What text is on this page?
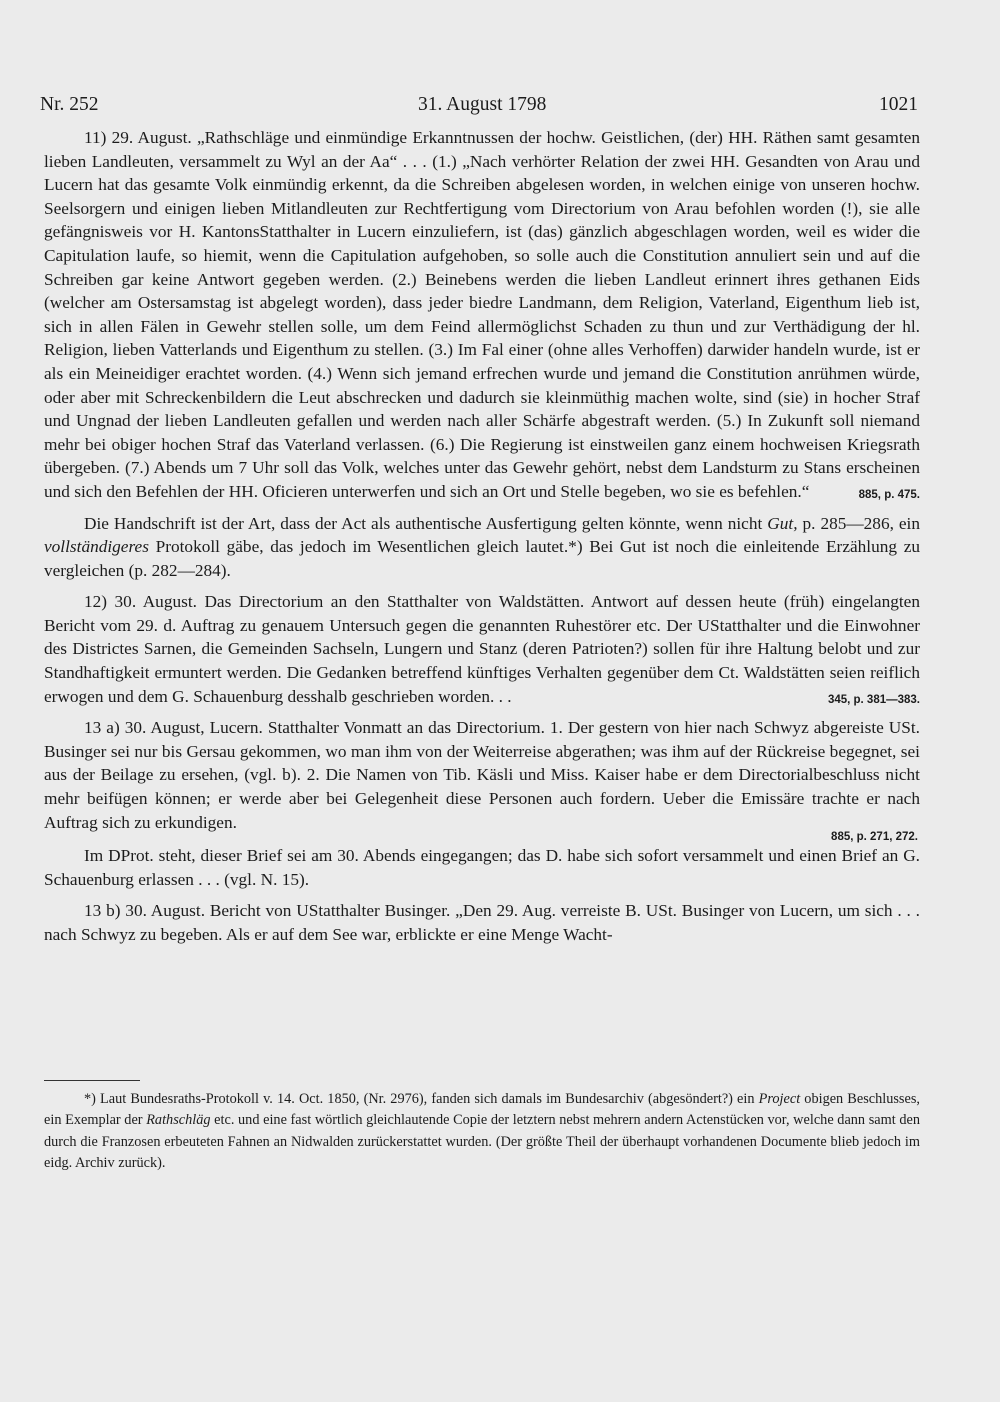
Nr. 252	31. August 1798	1021

11) 29. August. „Rathschläge und einmündige Erkanntnussen der hochw. Geistlichen, (der) HH. Räthen samt gesamten lieben Landleuten, versammelt zu Wyl an der Aa“ . . . (1.) „Nach verhörter Relation der zwei HH. Gesandten von Arau und Lucern hat das gesamte Volk einmündig erkennt, da die Schreiben abgelesen worden, in welchen einige von unseren hochw. Seelsorgern und einigen lieben Mitlandleuten zur Rechtfertigung vom Directorium von Arau befohlen worden (!), sie alle gefängnisweis vor H. KantonsStatthalter in Lucern einzuliefern, ist (das) gänzlich abgeschlagen worden, weil es wider die Capitulation laufe, so hiemit, wenn die Capitulation aufgehoben, so solle auch die Constitution annuliert sein und auf die Schreiben gar keine Antwort gegeben werden. (2.) Beinebens werden die lieben Landleut erinnert ihres gethanen Eids (welcher am Ostersamstag ist abgelegt worden), dass jeder biedre Landmann, dem Religion, Vaterland, Eigenthum lieb ist, sich in allen Fälen in Gewehr stellen solle, um dem Feind allermöglichst Schaden zu thun und zur Verthädigung der hl. Religion, lieben Vatterlands und Eigenthum zu stellen. (3.) Im Fal einer (ohne alles Verhoffen) darwider handeln wurde, ist er als ein Meineidiger erachtet worden. (4.) Wenn sich jemand erfrechen wurde und jemand die Constitution anrühmen würde, oder aber mit Schreckenbildern die Leut abschrecken und dadurch sie kleinmüthig machen wolte, sind (sie) in hocher Straf und Ungnad der lieben Landleuten gefallen und werden nach aller Schärfe abgestraft werden. (5.) In Zukunft soll niemand mehr bei obiger hochen Straf das Vaterland verlassen. (6.) Die Regierung ist einstweilen ganz einem hochweisen Kriegsrath übergeben. (7.) Abends um 7 Uhr soll das Volk, welches unter das Gewehr gehört, nebst dem Landsturm zu Stans erscheinen und sich den Befehlen der HH. Oficieren unterwerfen und sich an Ort und Stelle begeben, wo sie es befehlen.“	885, p. 475.

Die Handschrift ist der Art, dass der Act als authentische Ausfertigung gelten könnte, wenn nicht Gut, p. 285—286, ein vollständigeres Protokoll gäbe, das jedoch im Wesentlichen gleich lautet.*) Bei Gut ist noch die einleitende Erzählung zu vergleichen (p. 282—284).

12) 30. August. Das Directorium an den Statthalter von Waldstätten. Antwort auf dessen heute (früh) eingelangten Bericht vom 29. d. Auftrag zu genauem Untersuch gegen die genannten Ruhestörer etc. Der UStatthalter und die Einwohner des Districtes Sarnen, die Gemeinden Sachseln, Lungern und Stanz (deren Patrioten?) sollen für ihre Haltung belobt und zur Standhaftigkeit ermuntert werden. Die Gedanken betreffend künftiges Verhalten gegenüber dem Ct. Waldstätten seien reiflich erwogen und dem G. Schauenburg desshalb geschrieben worden. . .	345, p. 381—383.

13 a) 30. August, Lucern. Statthalter Vonmatt an das Directorium. 1. Der gestern von hier nach Schwyz abgereiste USt. Businger sei nur bis Gersau gekommen, wo man ihm von der Weiterreise abgerathen; was ihm auf der Rückreise begegnet, sei aus der Beilage zu ersehen, (vgl. b). 2. Die Namen von Tib. Käsli und Miss. Kaiser habe er dem Directorialbeschluss nicht mehr beifügen können; er werde aber bei Gelegenheit diese Personen auch fordern. Ueber die Emissäre trachte er nach Auftrag sich zu erkundigen.

885, p. 271, 272.

Im DProt. steht, dieser Brief sei am 30. Abends eingegangen; das D. habe sich sofort versammelt und einen Brief an G. Schauenburg erlassen . . . (vgl. N. 15).

13 b) 30. August. Bericht von UStatthalter Businger. „Den 29. Aug. verreiste B. USt. Businger von Lucern, um sich . . . nach Schwyz zu begeben. Als er auf dem See war, erblickte er eine Menge Wacht-

*) Laut Bundesraths-Protokoll v. 14. Oct. 1850, (Nr. 2976), fanden sich damals im Bundesarchiv (abgesöndert?) ein Project obigen Beschlusses, ein Exemplar der Rathschläg etc. und eine fast wörtlich gleichlautende Copie der letztern nebst mehrern andern Actenstücken vor, welche dann samt den durch die Franzosen erbeuteten Fahnen an Nidwalden zurückerstattet wurden. (Der größte Theil der überhaupt vorhandenen Documente blieb jedoch im eidg. Archiv zurück).
